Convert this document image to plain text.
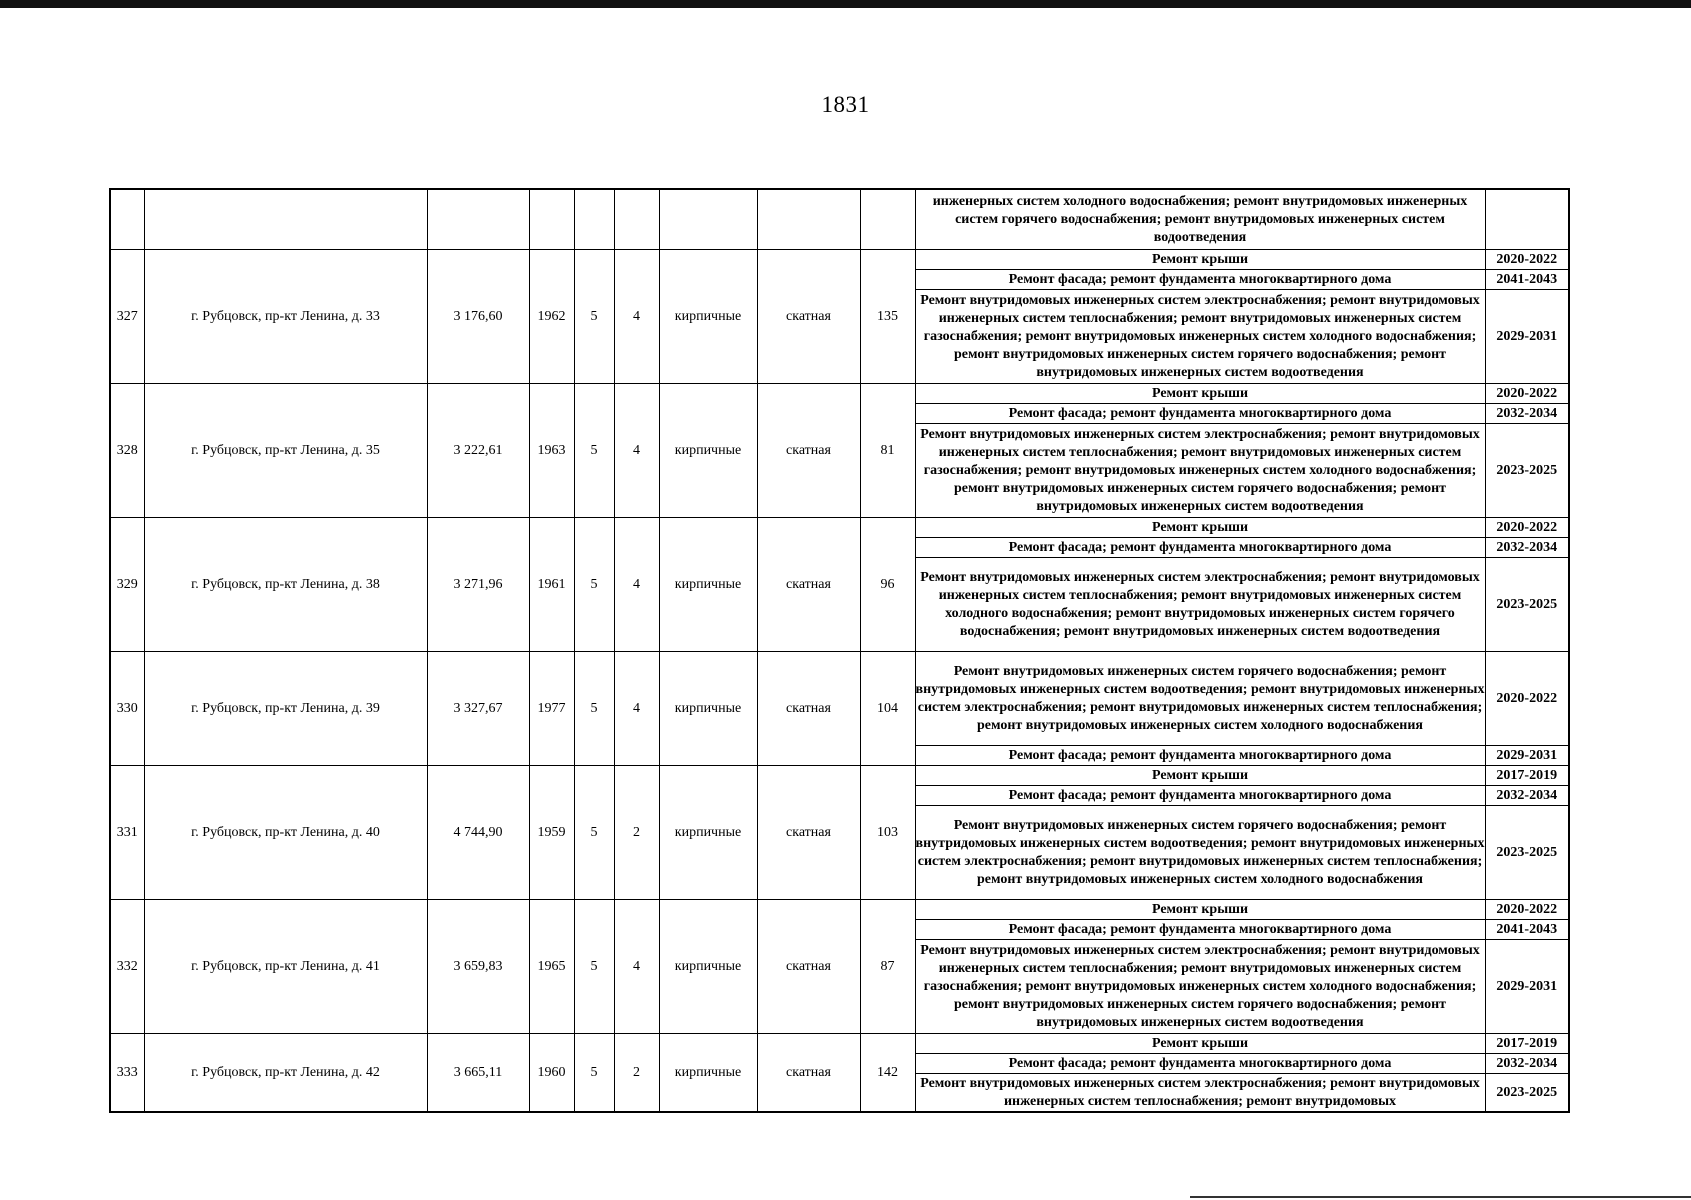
1831
									инженерных систем холодного водоснабжения; ремонт внутридомовых инженерных систем горячего водоснабжения; ремонт внутридомовых инженерных систем водоотведения	
327	г. Рубцовск, пр-кт Ленина, д. 33	3 176,60	1962	5	4	кирпичные	скатная	135	Ремонт крыши	2020-2022
									Ремонт фасада; ремонт фундамента многоквартирного дома	2041-2043
									Ремонт внутридомовых инженерных систем электроснабжения; ремонт внутридомовых инженерных систем теплоснабжения; ремонт внутридомовых инженерных систем газоснабжения; ремонт внутридомовых инженерных систем холодного водоснабжения; ремонт внутридомовых инженерных систем горячего водоснабжения; ремонт внутридомовых инженерных систем водоотведения	2029-2031
328	г. Рубцовск, пр-кт Ленина, д. 35	3 222,61	1963	5	4	кирпичные	скатная	81	Ремонт крыши	2020-2022
									Ремонт фасада; ремонт фундамента многоквартирного дома	2032-2034
									Ремонт внутридомовых инженерных систем электроснабжения; ремонт внутридомовых инженерных систем теплоснабжения; ремонт внутридомовых инженерных систем газоснабжения; ремонт внутридомовых инженерных систем холодного водоснабжения; ремонт внутридомовых инженерных систем горячего водоснабжения; ремонт внутридомовых инженерных систем водоотведения	2023-2025
329	г. Рубцовск, пр-кт Ленина, д. 38	3 271,96	1961	5	4	кирпичные	скатная	96	Ремонт крыши	2020-2022
									Ремонт фасада; ремонт фундамента многоквартирного дома	2032-2034
									Ремонт внутридомовых инженерных систем электроснабжения; ремонт внутридомовых инженерных систем теплоснабжения; ремонт внутридомовых инженерных систем холодного водоснабжения; ремонт внутридомовых инженерных систем горячего водоснабжения; ремонт внутридомовых инженерных систем водоотведения	2023-2025
330	г. Рубцовск, пр-кт Ленина, д. 39	3 327,67	1977	5	4	кирпичные	скатная	104	Ремонт внутридомовых инженерных систем горячего водоснабжения; ремонт внутридомовых инженерных систем водоотведения; ремонт внутридомовых инженерных систем электроснабжения; ремонт внутридомовых инженерных систем теплоснабжения; ремонт внутридомовых инженерных систем холодного водоснабжения	2020-2022
									Ремонт фасада; ремонт фундамента многоквартирного дома	2029-2031
331	г. Рубцовск, пр-кт Ленина, д. 40	4 744,90	1959	5	2	кирпичные	скатная	103	Ремонт крыши	2017-2019
									Ремонт фасада; ремонт фундамента многоквартирного дома	2032-2034
									Ремонт внутридомовых инженерных систем горячего водоснабжения; ремонт внутридомовых инженерных систем водоотведения; ремонт внутридомовых инженерных систем электроснабжения; ремонт внутридомовых инженерных систем теплоснабжения; ремонт внутридомовых инженерных систем холодного водоснабжения	2023-2025
332	г. Рубцовск, пр-кт Ленина, д. 41	3 659,83	1965	5	4	кирпичные	скатная	87	Ремонт крыши	2020-2022
									Ремонт фасада; ремонт фундамента многоквартирного дома	2041-2043
									Ремонт внутридомовых инженерных систем электроснабжения; ремонт внутридомовых инженерных систем теплоснабжения; ремонт внутридомовых инженерных систем газоснабжения; ремонт внутридомовых инженерных систем холодного водоснабжения; ремонт внутридомовых инженерных систем горячего водоснабжения; ремонт внутридомовых инженерных систем водоотведения	2029-2031
333	г. Рубцовск, пр-кт Ленина, д. 42	3 665,11	1960	5	2	кирпичные	скатная	142	Ремонт крыши	2017-2019
									Ремонт фасада; ремонт фундамента многоквартирного дома	2032-2034
									Ремонт внутридомовых инженерных систем электроснабжения; ремонт внутридомовых инженерных систем теплоснабжения; ремонт внутридомовых	2023-2025
